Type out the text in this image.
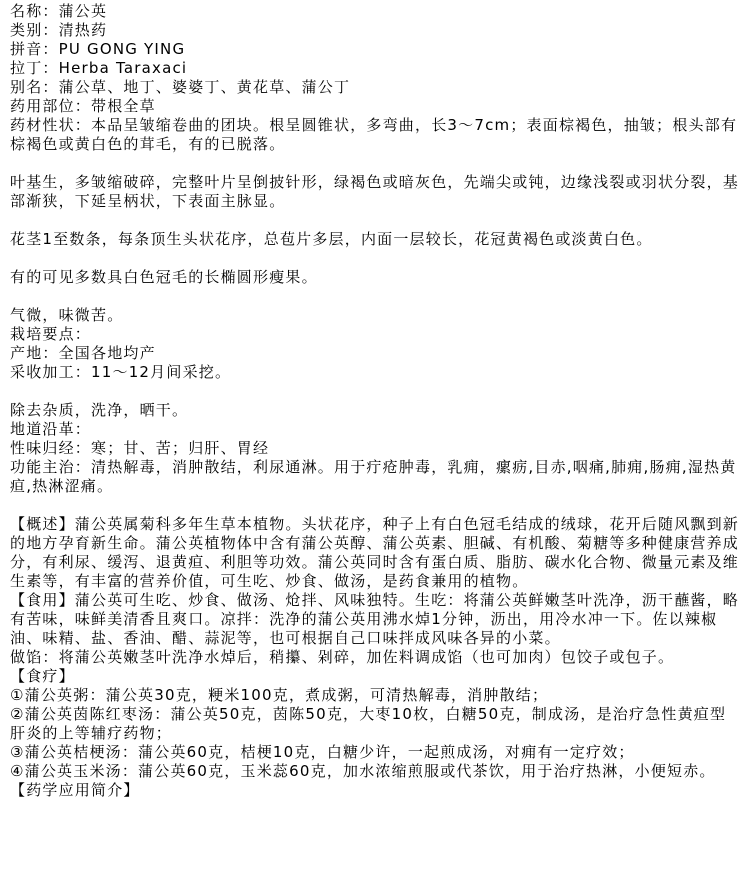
名称：蒲公英

类别：清热药

拼音：PU GONG YING

拉丁：Herba Taraxaci

别名：蒲公草、地丁、婆婆丁、黄花草、蒲公丁

药用部位：带根全草

药材性状：本品呈皱缩卷曲的团块。根呈圆锥状，多弯曲，长3～7cm；表面棕褐色，抽皱；根头部有棕褐色或黄白色的茸毛，有的已脱落。

叶基生，多皱缩破碎，完整叶片呈倒披针形，绿褐色或暗灰色，先端尖或钝，边缘浅裂或羽状分裂，基部渐狭，下延呈柄状，下表面主脉显。

花茎1至数条，每条顶生头状花序，总苞片多层，内面一层较长，花冠黄褐色或淡黄白色。

有的可见多数具白色冠毛的长椭圆形瘦果。

气微，味微苦。

栽培要点：

产地：全国各地均产

采收加工：11～12月间采挖。

除去杂质，洗净，晒干。

地道沿革：

性味归经：寒；甘、苦；归肝、胃经

功能主治：清热解毒，消肿散结，利尿通淋。用于疔疮肿毒，乳痈，瘰疬,目赤,咽痛,肺痈,肠痈,湿热黄疸,热淋涩痛。

【概述】蒲公英属菊科多年生草本植物。头状花序，种子上有白色冠毛结成的绒球，花开后随风飘到新的地方孕育新生命。蒲公英植物体中含有蒲公英醇、蒲公英素、胆碱、有机酸、菊糖等多种健康营养成分，有利尿、缓泻、退黄疸、利胆等功效。蒲公英同时含有蛋白质、脂肪、碳水化合物、微量元素及维生素等，有丰富的营养价值，可生吃、炒食、做汤，是药食兼用的植物。

【食用】蒲公英可生吃、炒食、做汤、炝拌、风味独特。生吃：将蒲公英鲜嫩茎叶洗净，沥干蘸酱，略有苦味，味鲜美清香且爽口。凉拌：洗净的蒲公英用沸水焯1分钟，沥出，用冷水冲一下。佐以辣椒油、味精、盐、香油、醋、蒜泥等，也可根据自己口味拌成风味各异的小菜。

做馅：将蒲公英嫩茎叶洗净水焯后，稍攥、剁碎，加佐料调成馅（也可加肉）包饺子或包子。

【食疗】

①蒲公英粥：蒲公英30克，粳米100克，煮成粥，可清热解毒，消肿散结；

②蒲公英茵陈红枣汤：蒲公英50克，茵陈50克，大枣10枚，白糖50克，制成汤，是治疗急性黄疸型肝炎的上等辅疗药物；

③蒲公英桔梗汤：蒲公英60克，桔梗10克，白糖少许，一起煎成汤，对痈有一定疗效；

④蒲公英玉米汤：蒲公英60克，玉米蕊60克，加水浓缩煎服或代茶饮，用于治疗热淋，小便短赤。

【药学应用简介】
